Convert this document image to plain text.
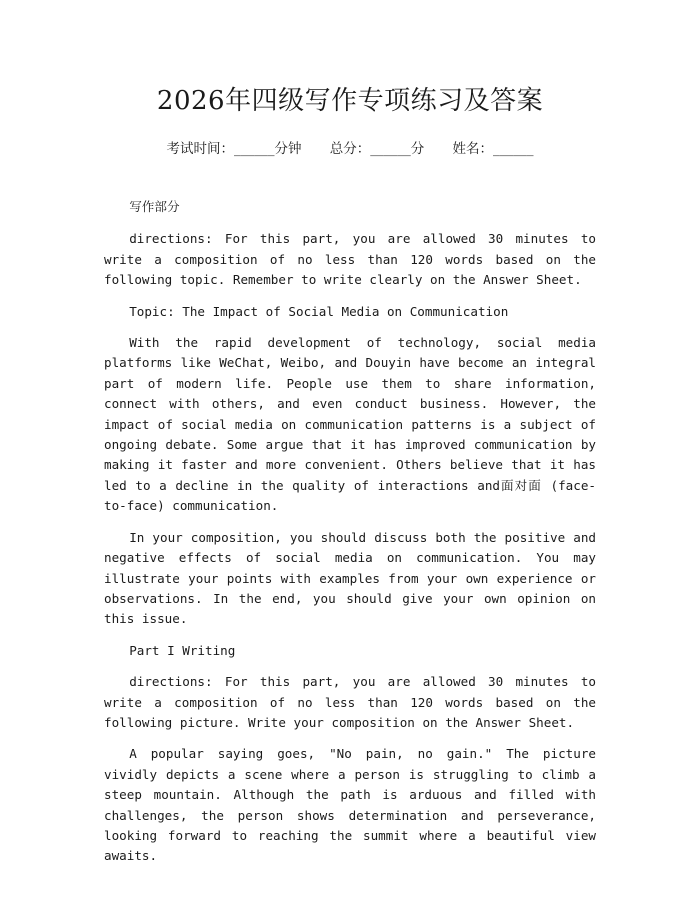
2026年四级写作专项练习及答案
考试时间：______分钟 总分：______分 姓名：______

写作部分

directions: For this part, you are allowed 30 minutes to write a composition of no less than 120 words based on the following topic. Remember to write clearly on the Answer Sheet.

Topic: The Impact of Social Media on Communication

With the rapid development of technology, social media platforms like WeChat, Weibo, and Douyin have become an integral part of modern life. People use them to share information, connect with others, and even conduct business. However, the impact of social media on communication patterns is a subject of ongoing debate. Some argue that it has improved communication by making it faster and more convenient. Others believe that it has led to a decline in the quality of interactions and面对面 (face-to-face) communication.

In your composition, you should discuss both the positive and negative effects of social media on communication. You may illustrate your points with examples from your own experience or observations. In the end, you should give your own opinion on this issue.

Part I Writing

directions: For this part, you are allowed 30 minutes to write a composition of no less than 120 words based on the following picture. Write your composition on the Answer Sheet.

A popular saying goes, "No pain, no gain." The picture vividly depicts a scene where a person is struggling to climb a steep mountain. Although the path is arduous and filled with challenges, the person shows determination and perseverance, looking forward to reaching the summit where a beautiful view awaits.
